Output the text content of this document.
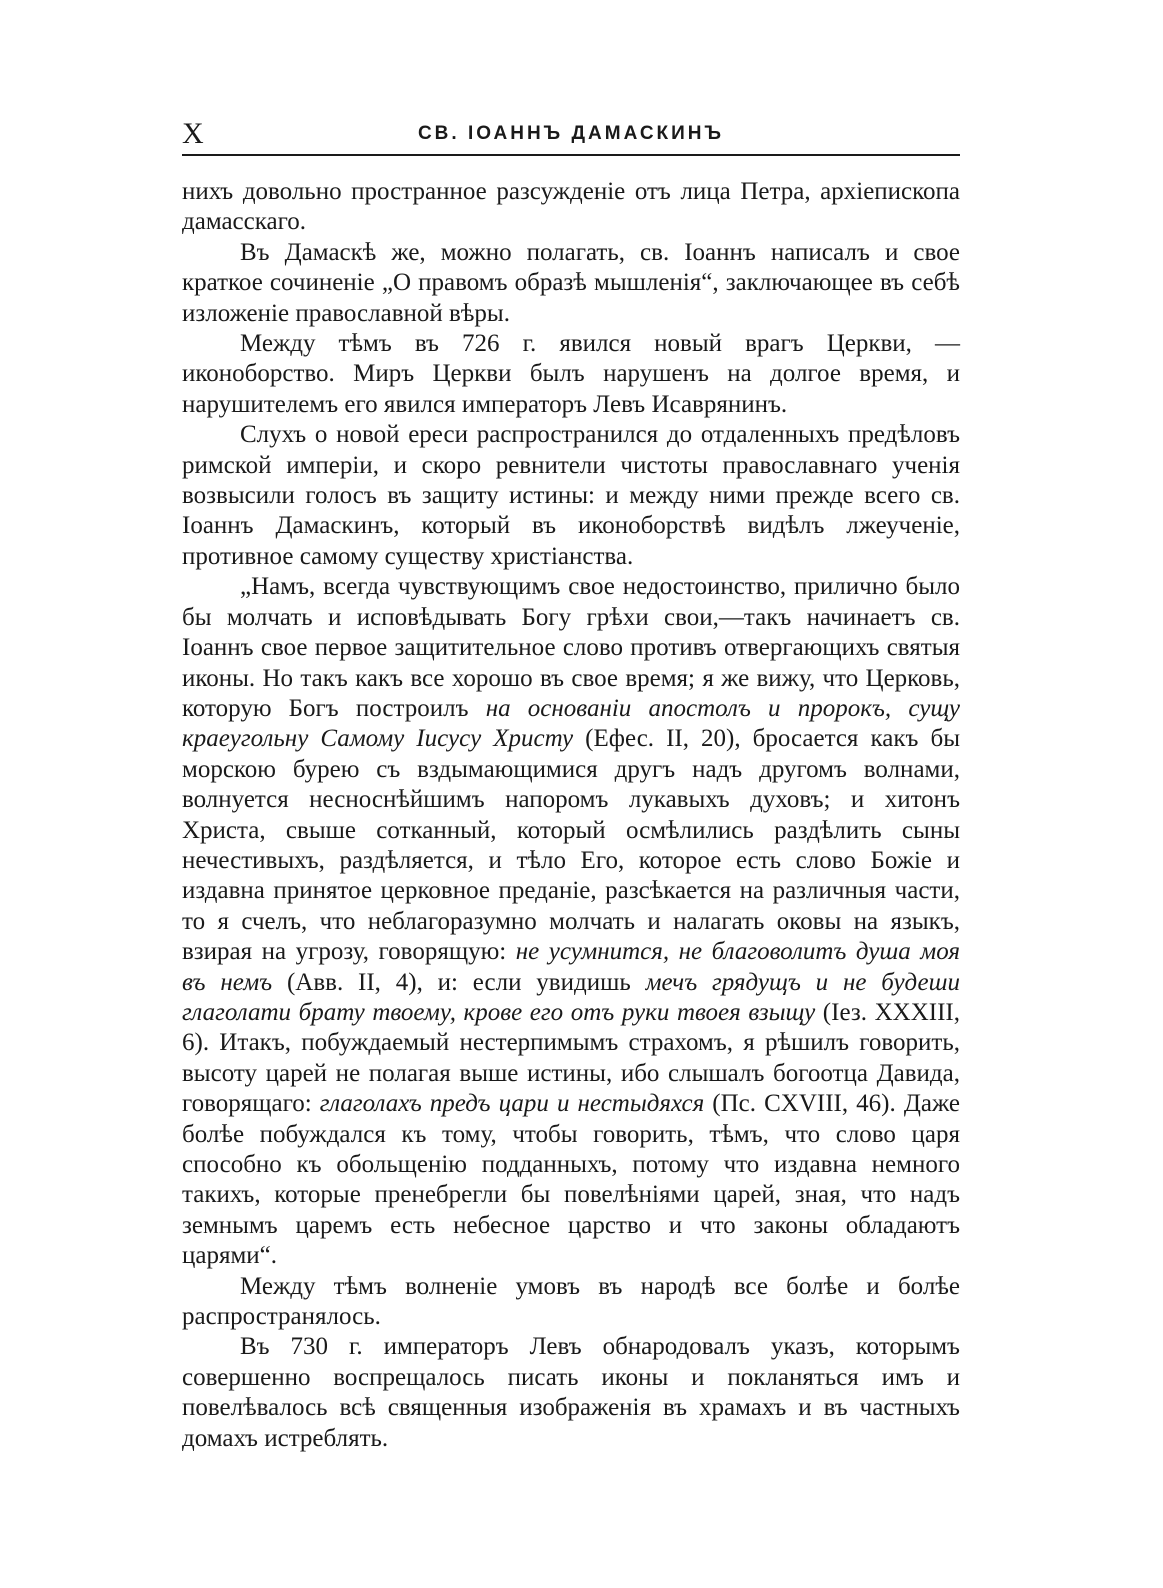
X	СВ. ІОАННЪ ДАМАСКИНЪ

нихъ довольно пространное разсужденіе отъ лица Петра, архіепископа дамасскаго.

Въ Дамаскѣ же, можно полагать, св. Іоаннъ написалъ и свое краткое сочиненіе „О правомъ образѣ мышленія“, заключающее въ себѣ изложеніе православной вѣры.

Между тѣмъ въ 726 г. явился новый врагъ Церкви, — иконоборство. Миръ Церкви былъ нарушенъ на долгое время, и нарушителемъ его явился императоръ Левъ Исаврянинъ.

Слухъ о новой ереси распространился до отдаленныхъ предѣловъ римской имперіи, и скоро ревнители чистоты православнаго ученія возвысили голосъ въ защиту истины: и между ними прежде всего св. Іоаннъ Дамаскинъ, который въ иконоборствѣ видѣлъ лжеученіе, противное самому существу христіанства.

„Намъ, всегда чувствующимъ свое недостоинство, прилично было бы молчать и исповѣдывать Богу грѣхи свои,—такъ начинаетъ св. Іоаннъ свое первое защитительное слово противъ отвергающихъ святыя иконы. Но такъ какъ все хорошо въ свое время; я же вижу, что Церковь, которую Богъ построилъ на основаніи апостолъ и пророкъ, сущу краеугольну Самому Іисусу Христу (Ефес. II, 20), бросается какъ бы морскою бурею съ вздымающимися другъ надъ другомъ волнами, волнуется несноснѣйшимъ напоромъ лукавыхъ духовъ; и хитонъ Христа, свыше сотканный, который осмѣлились раздѣлить сыны нечестивыхъ, раздѣляется, и тѣло Его, которое есть слово Божіе и издавна принятое церковное преданіе, разсѣкается на различныя части, то я счелъ, что неблагоразумно молчать и налагать оковы на языкъ, взирая на угрозу, говорящую: не усумнится, не благоволитъ душа моя въ немъ (Авв. II, 4), и: если увидишь мечъ грядущъ и не будеши глаголати брату твоему, крове его отъ руки твоея взыщу (Іез. XXXIII, 6). Итакъ, побуждаемый нестерпимымъ страхомъ, я рѣшилъ говорить, высоту царей не полагая выше истины, ибо слышалъ богоотца Давида, говорящаго: глаголахъ предъ цари и нестыдяхся (Пс. CXVIII, 46). Даже болѣе побуждался къ тому, чтобы говорить, тѣмъ, что слово царя способно къ обольщенію подданныхъ, потому что издавна немного такихъ, которые пренебрегли бы повелѣніями царей, зная, что надъ земнымъ царемъ есть небесное царство и что законы обладаютъ царями“.

Между тѣмъ волненіе умовъ въ народѣ все болѣе и болѣе распространялось.

Въ 730 г. императоръ Левъ обнародовалъ указъ, которымъ совершенно воспрещалось писать иконы и покланяться имъ и повелѣвалось всѣ священныя изображенія въ храмахъ и въ частныхъ домахъ истреблять.
